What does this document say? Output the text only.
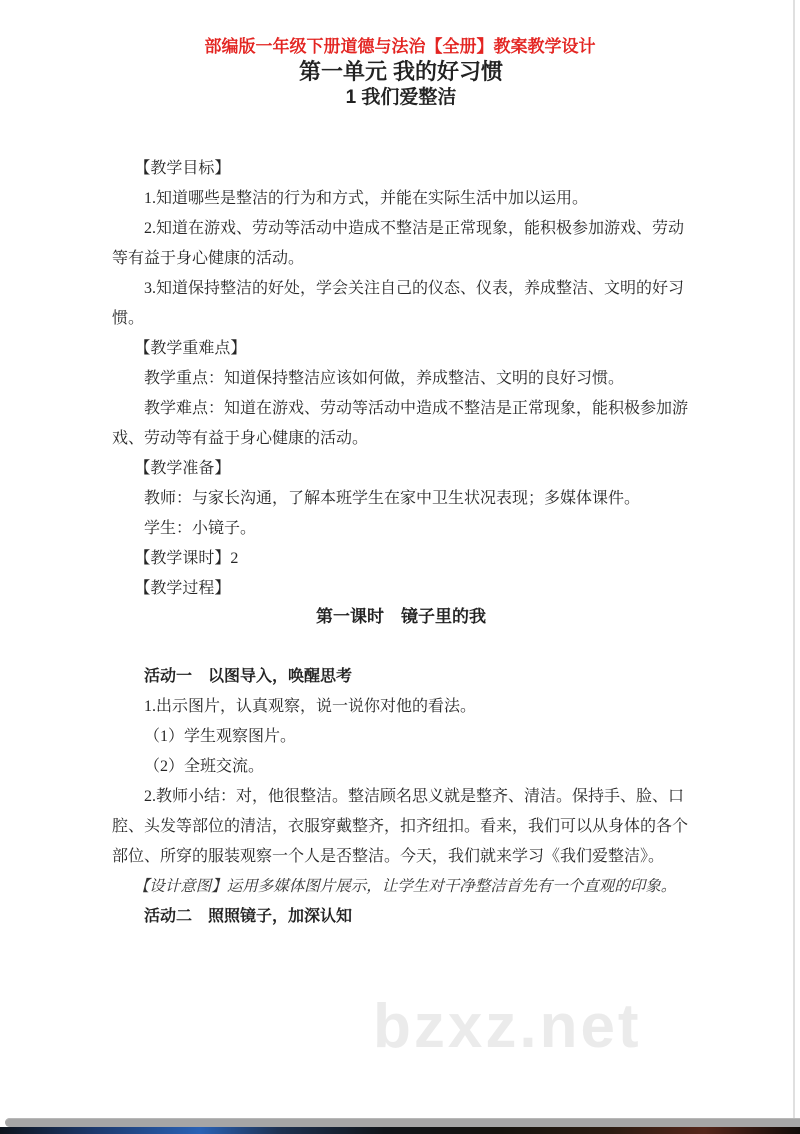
bzxz.net
部编版一年级下册道德与法治【全册】教案教学设计

第一单元 我的好习惯

1 我们爱整洁

【教学目标】

1.知道哪些是整洁的行为和方式，并能在实际生活中加以运用。

2.知道在游戏、劳动等活动中造成不整洁是正常现象，能积极参加游戏、劳动等有益于身心健康的活动。

3.知道保持整洁的好处，学会关注自己的仪态、仪表，养成整洁、文明的好习惯。

【教学重难点】

教学重点：知道保持整洁应该如何做，养成整洁、文明的良好习惯。

教学难点：知道在游戏、劳动等活动中造成不整洁是正常现象，能积极参加游戏、劳动等有益于身心健康的活动。

【教学准备】

教师：与家长沟通，了解本班学生在家中卫生状况表现；多媒体课件。

学生：小镜子。

【教学课时】2

【教学过程】

第一课时　镜子里的我

活动一　以图导入，唤醒思考

1.出示图片，认真观察，说一说你对他的看法。

（1）学生观察图片。

（2）全班交流。

2.教师小结：对，他很整洁。整洁顾名思义就是整齐、清洁。保持手、脸、口腔、头发等部位的清洁，衣服穿戴整齐，扣齐纽扣。看来，我们可以从身体的各个部位、所穿的服装观察一个人是否整洁。今天，我们就来学习《我们爱整洁》。

【设计意图】运用多媒体图片展示，让学生对干净整洁首先有一个直观的印象。

活动二　照照镜子，加深认知
